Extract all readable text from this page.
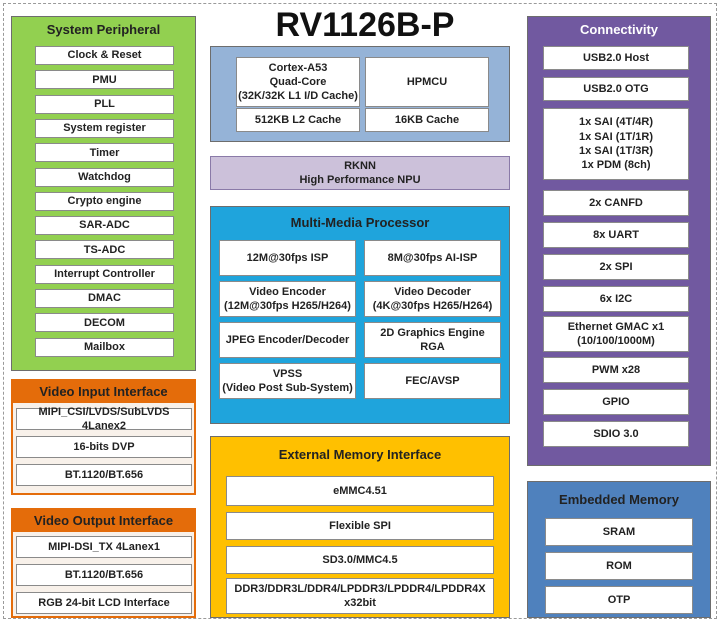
RV1126B-P
System Peripheral
Video Input Interface
Video Output Interface
Cortex-A53
Quad-Core
(32K/32K L1 I/D Cache)
HPMCU
512KB L2 Cache	16KB Cache
RKNN
High Performance NPU
Multi-Media Processor
External Memory Interface
Connectivity
Embedded Memory
Clock & Reset
PMU
PLL
System register
Timer
Watchdog
Crypto engine
SAR-ADC
TS-ADC
Interrupt Controller
DMAC
DECOM
Mailbox
MIPI_CSI/LVDS/SubLVDS 4Lanex2
16-bits DVP
BT.1120/BT.656
MIPI-DSI_TX 4Lanex1
BT.1120/BT.656
RGB 24-bit LCD Interface
12M@30fps ISP	8M@30fps AI-ISP
Video Encoder
(12M@30fps H265/H264)
Video Decoder
(4K@30fps H265/H264)
JPEG Encoder/Decoder
2D Graphics Engine
RGA
VPSS
(Video Post Sub-System)
FEC/AVSP
eMMC4.51
Flexible SPI
SD3.0/MMC4.5
DDR3/DDR3L/DDR4/LPDDR3/LPDDR4/LPDDR4X
x32bit
USB2.0 Host
USB2.0 OTG
1x SAI (4T/4R)
1x SAI (1T/1R)
1x SAI (1T/3R)
1x PDM (8ch)
2x CANFD
8x UART
2x SPI
6x I2C
Ethernet GMAC x1
(10/100/1000M)
PWM x28
GPIO
SDIO 3.0
SRAM
ROM
OTP
